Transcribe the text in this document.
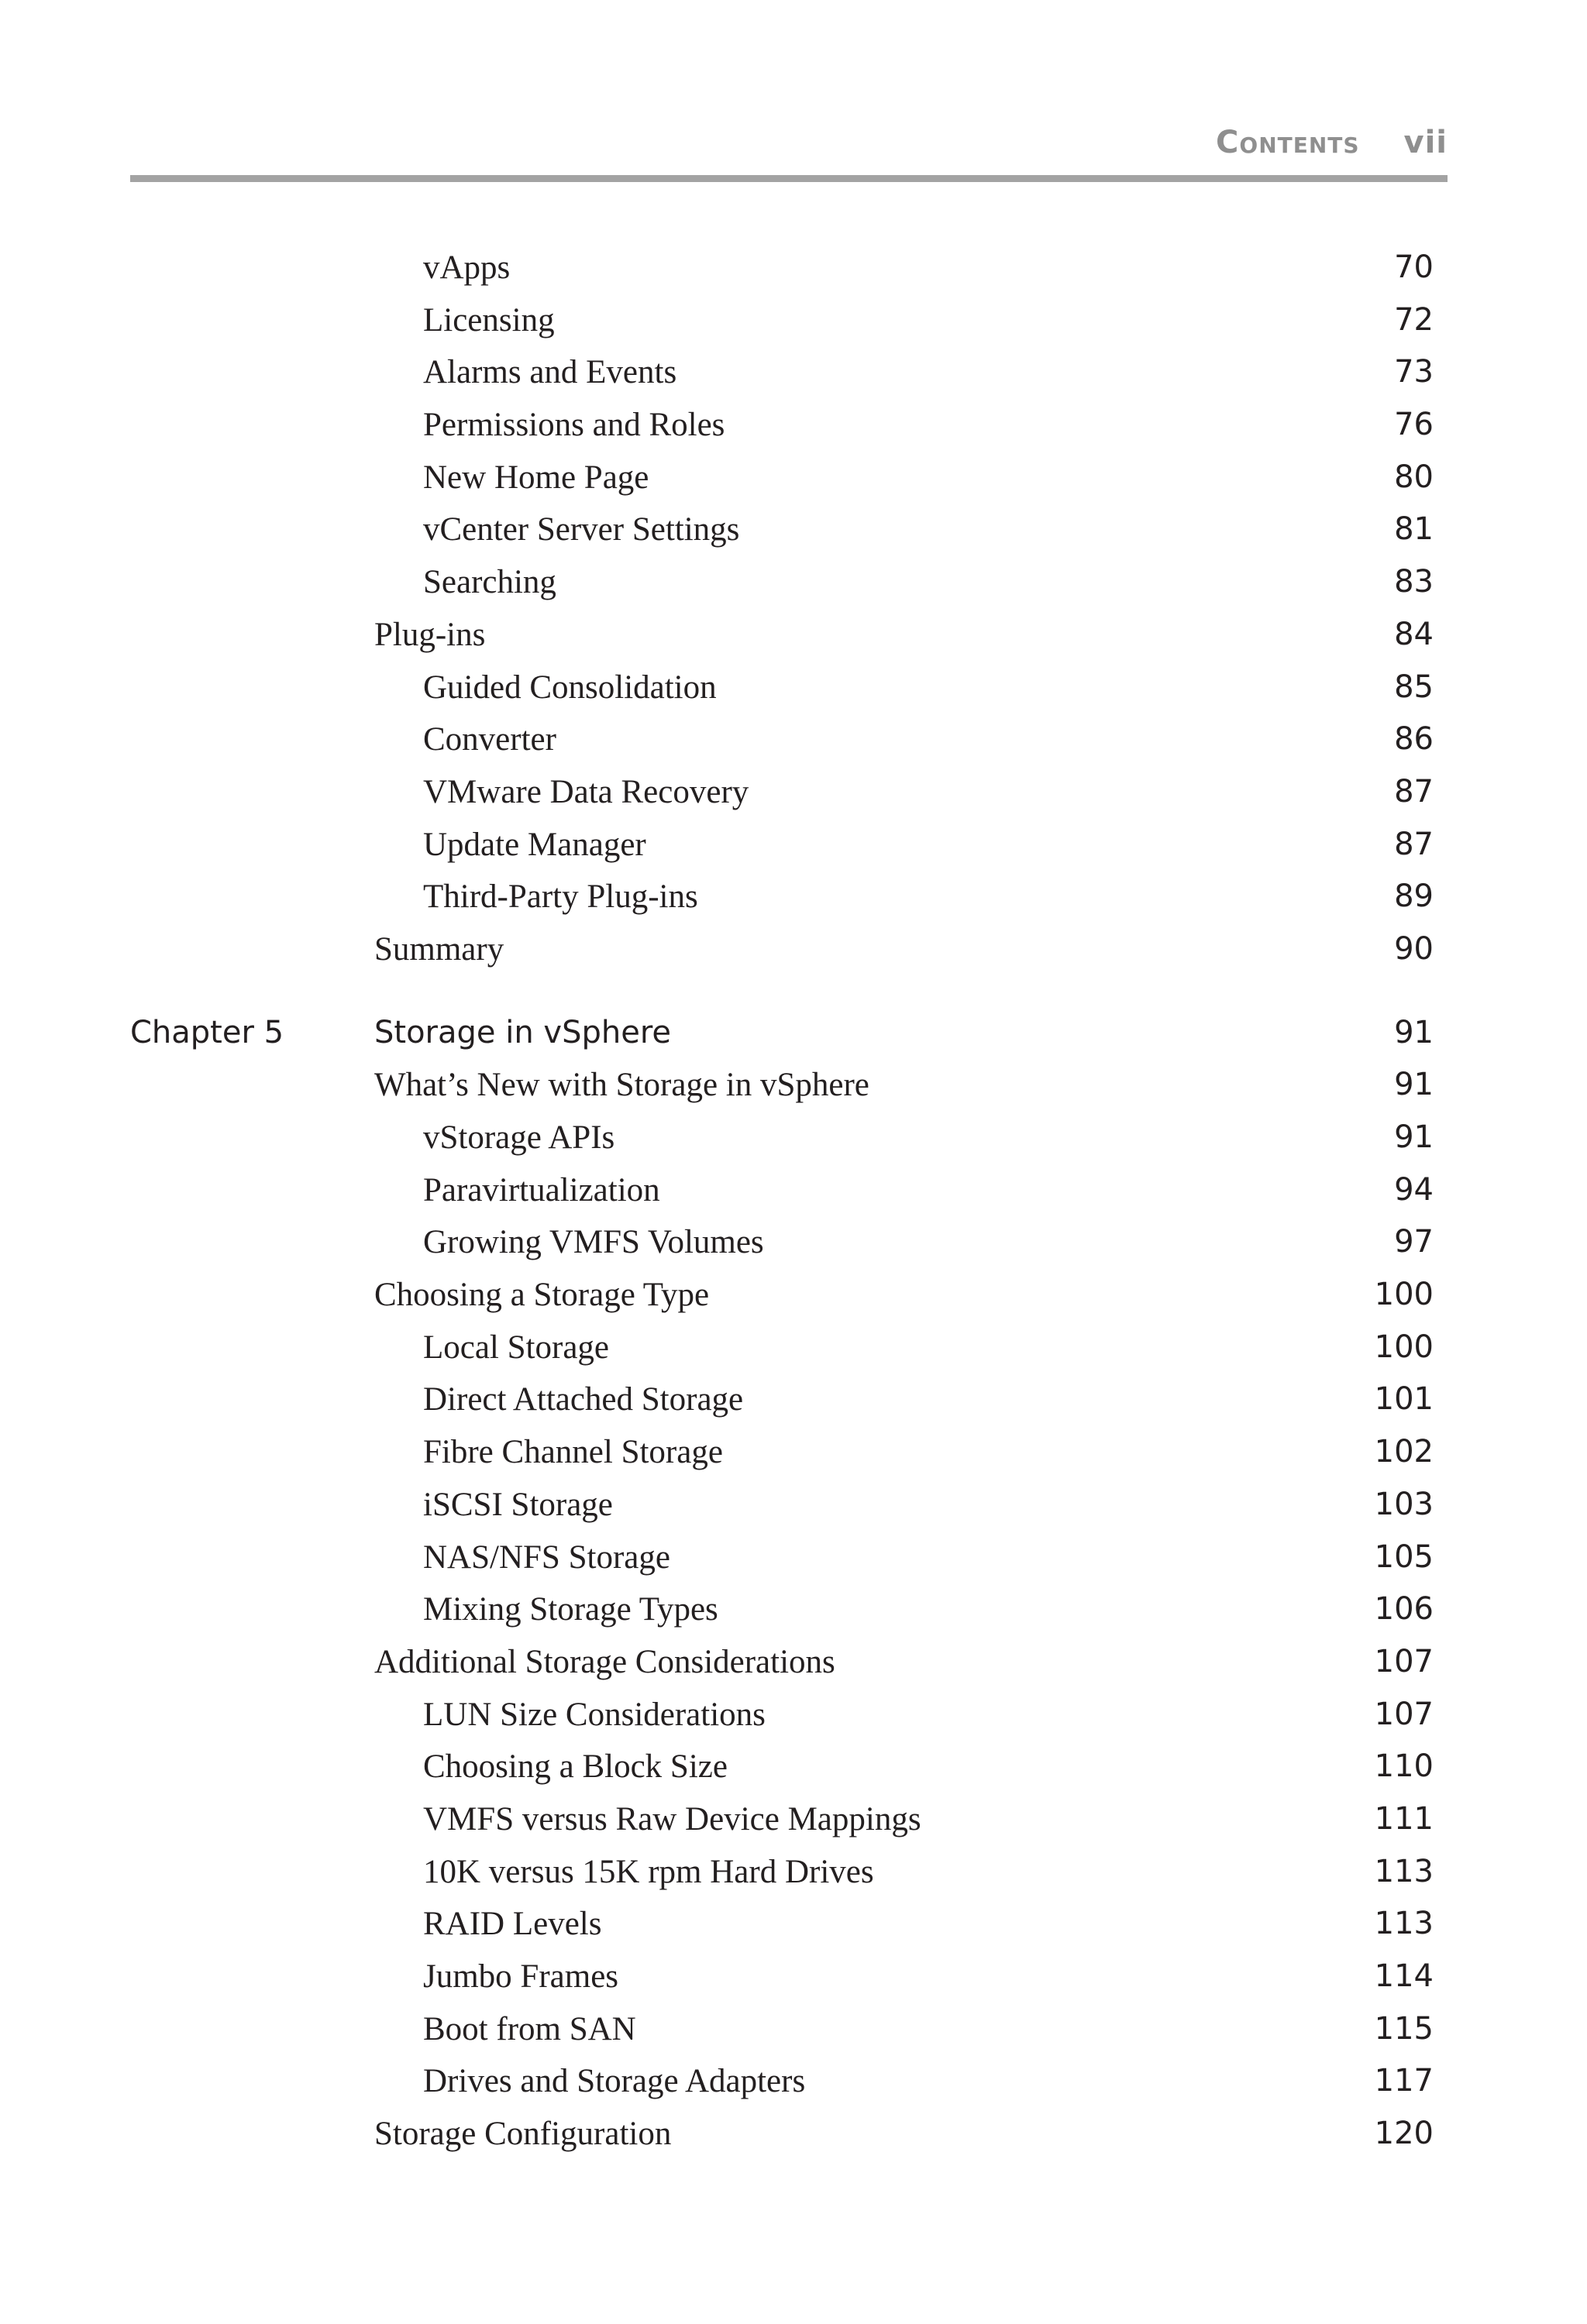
Contents vii
vApps	70
Licensing	72
Alarms and Events	73
Permissions and Roles	76
New Home Page	80
vCenter Server Settings	81
Searching	83
Plug-ins	84
Guided Consolidation	85
Converter	86
VMware Data Recovery	87
Update Manager	87
Third-Party Plug-ins	89
Summary	90
Chapter 5	Storage in vSphere	91
What’s New with Storage in vSphere	91
vStorage APIs	91
Paravirtualization	94
Growing VMFS Volumes	97
Choosing a Storage Type	100
Local Storage	100
Direct Attached Storage	101
Fibre Channel Storage	102
iSCSI Storage	103
NAS/NFS Storage	105
Mixing Storage Types	106
Additional Storage Considerations	107
LUN Size Considerations	107
Choosing a Block Size	110
VMFS versus Raw Device Mappings	111
10K versus 15K rpm Hard Drives	113
RAID Levels	113
Jumbo Frames	114
Boot from SAN	115
Drives and Storage Adapters	117
Storage Configuration	120
